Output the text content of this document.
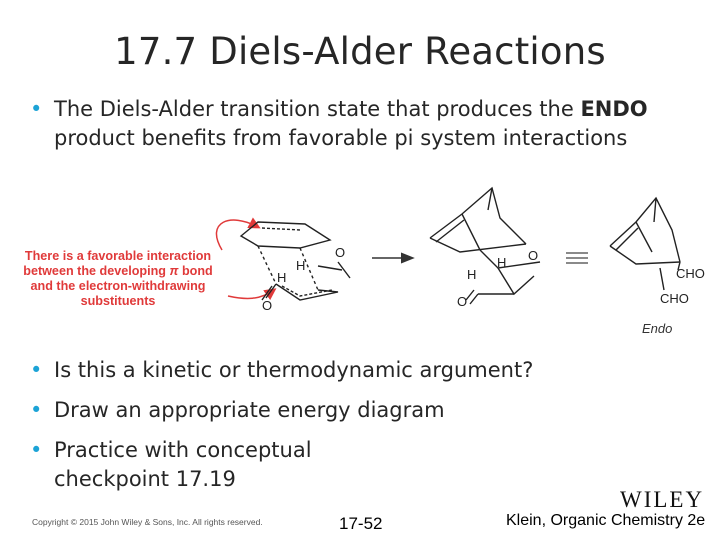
17.7 Diels-Alder Reactions
• The Diels-Alder transition state that produces the ENDO product benefits from favorable pi system interactions
H
O
H
O
H O
H
O
CHO
CHO
Endo
There is a favorable interaction
between the developing π bond
and the electron-withdrawing
substituents
• Is this a kinetic or thermodynamic argument?
• Draw an appropriate energy diagram
• Practice with conceptual checkpoint 17.19
WILEY
Copyright © 2015 John Wiley & Sons, Inc. All rights reserved.	17-52	Klein, Organic Chemistry 2e
